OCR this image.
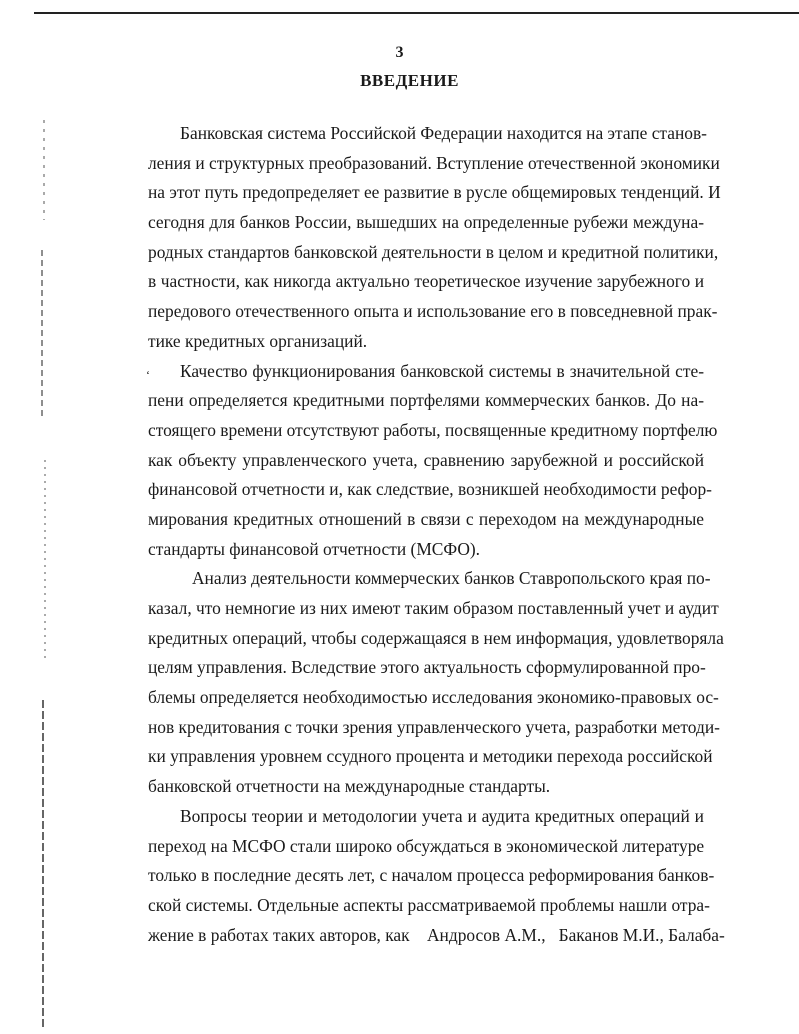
3
ВВЕДЕНИЕ
‘
Банковская система Российской Федерации находится на этапе станов-
ления и структурных преобразований. Вступление отечественной экономики
на этот путь предопределяет ее развитие в русле общемировых тенденций. И
сегодня для банков России, вышедших на определенные рубежи междуна-
родных стандартов банковской деятельности в целом и кредитной политики,
в частности, как никогда актуально теоретическое изучение зарубежного и
передового отечественного опыта и использование его в повседневной прак-
тике кредитных организаций.
Качество функционирования банковской системы в значительной сте-
пени определяется кредитными портфелями коммерческих банков. До на-
стоящего времени отсутствуют работы, посвященные кредитному портфелю
как объекту управленческого учета, сравнению зарубежной и российской
финансовой отчетности и, как следствие, возникшей необходимости рефор-
мирования кредитных отношений в связи с переходом на международные
стандарты финансовой отчетности (МСФО).
Анализ деятельности коммерческих банков Ставропольского края по-
казал, что немногие из них имеют таким образом поставленный учет и аудит
кредитных операций, чтобы содержащаяся в нем информация, удовлетворяла
целям управления. Вследствие этого актуальность сформулированной про-
блемы определяется необходимостью исследования экономико-правовых ос-
нов кредитования с точки зрения управленческого учета, разработки методи-
ки управления уровнем ссудного процента и методики перехода российской
банковской отчетности на международные стандарты.
Вопросы теории и методологии учета и аудита кредитных операций и
переход на МСФО стали широко обсуждаться в экономической литературе
только в последние десять лет, с началом процесса реформирования банков-
ской системы. Отдельные аспекты рассматриваемой проблемы нашли отра-
жение в работах таких авторов, как    Андросов А.М.,   Баканов М.И., Балаба-
